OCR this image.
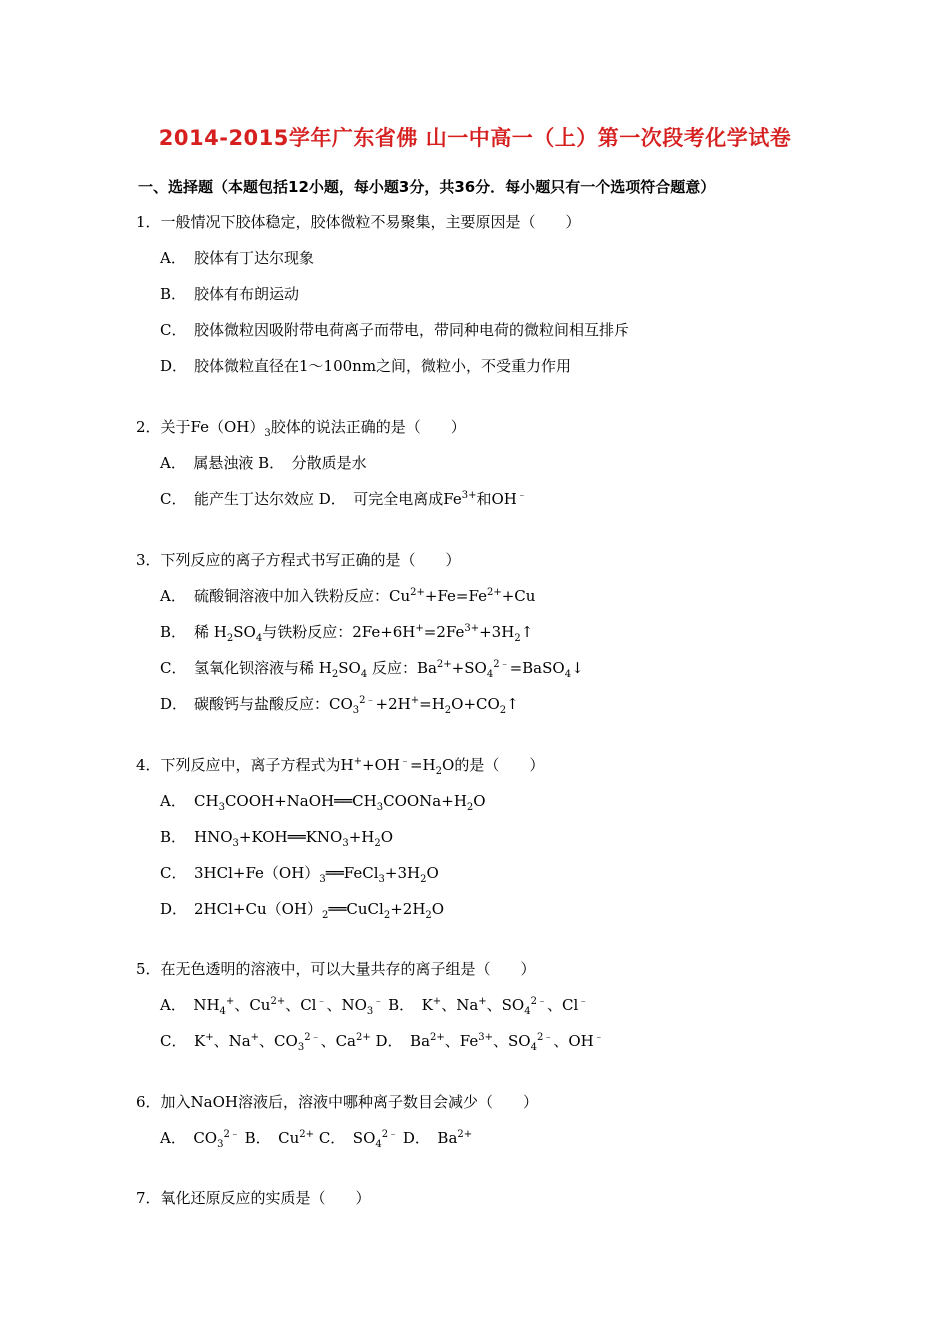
2014-2015学年广东省佛 山一中高一（上）第一次段考化学试卷
一、选择题（本题包括12小题，每小题3分，共36分．每小题只有一个选项符合题意）
1．一般情况下胶体稳定，胶体微粒不易聚集，主要原因是（　　）
A． 胶体有丁达尔现象
B． 胶体有布朗运动
C． 胶体微粒因吸附带电荷离子而带电，带同种电荷的微粒间相互排斥
D． 胶体微粒直径在1～100nm之间，微粒小，不受重力作用
2．关于$Fe(OH)_3$胶体的说法正确的是（　　）
A．　属悬浊液 B．　分散质是水
C．　能产生丁达尔效应 D．　可完全电离成$Fe^{3+}$和OH﹣
3．下列反应的离子方程式书写正确的是（　　）
A． 硫酸铜溶液中加入铁粉反应：$Cu^{2+}+Fe=Fe^{2+}+Cu$
B． 稀 $H_2SO_4$与铁粉反应：$2Fe+6H^+=2Fe^{3+}+3H_2↑$
C． 氢氧化钡溶液与稀 $H_2SO_4$ 反应：$Ba^{2+}+SO_4^{2﹣}=BaSO_4↓$
D． 碳酸钙与盐酸反应：$CO_3^{2﹣}+2H^+=H_2O+CO_2↑$
4．下列反应中，离子方程式为$H^++OH^﹣=H_2O$的是（　　）
A． $CH_3COOH+NaOH══CH_3COONa+H_2O$
B． $HNO_3+KOH══KNO_3+H_2O$
C． $3HCl+Fe(OH)_3══FeCl_3+3H_2O$
D． $2HCl+Cu(OH)_2══CuCl_2+2H_2O$
5．在无色透明的溶液中，可以大量共存的离子组是（　　）
A．　$NH_4^+$、$Cu^{2+}$、Cl﹣、$NO_3^﹣$ B．　K+、Na+、$SO_4^{2﹣}$、Cl﹣
C．　K+、Na+、$CO_3^{2﹣}$、$Ca^{2+}$ D．　$Ba^{2+}$、$Fe^{3+}$、$SO_4^{2﹣}$、OH﹣
6．加入NaOH溶液后，溶液中哪种离子数目会减少（　　）
A．　$CO_3^{2﹣}$ B．　$Cu^{2+}$ C．　$SO_4^{2﹣}$ D．　$Ba^{2+}$
7．氧化还原反应的实质是（　　）
